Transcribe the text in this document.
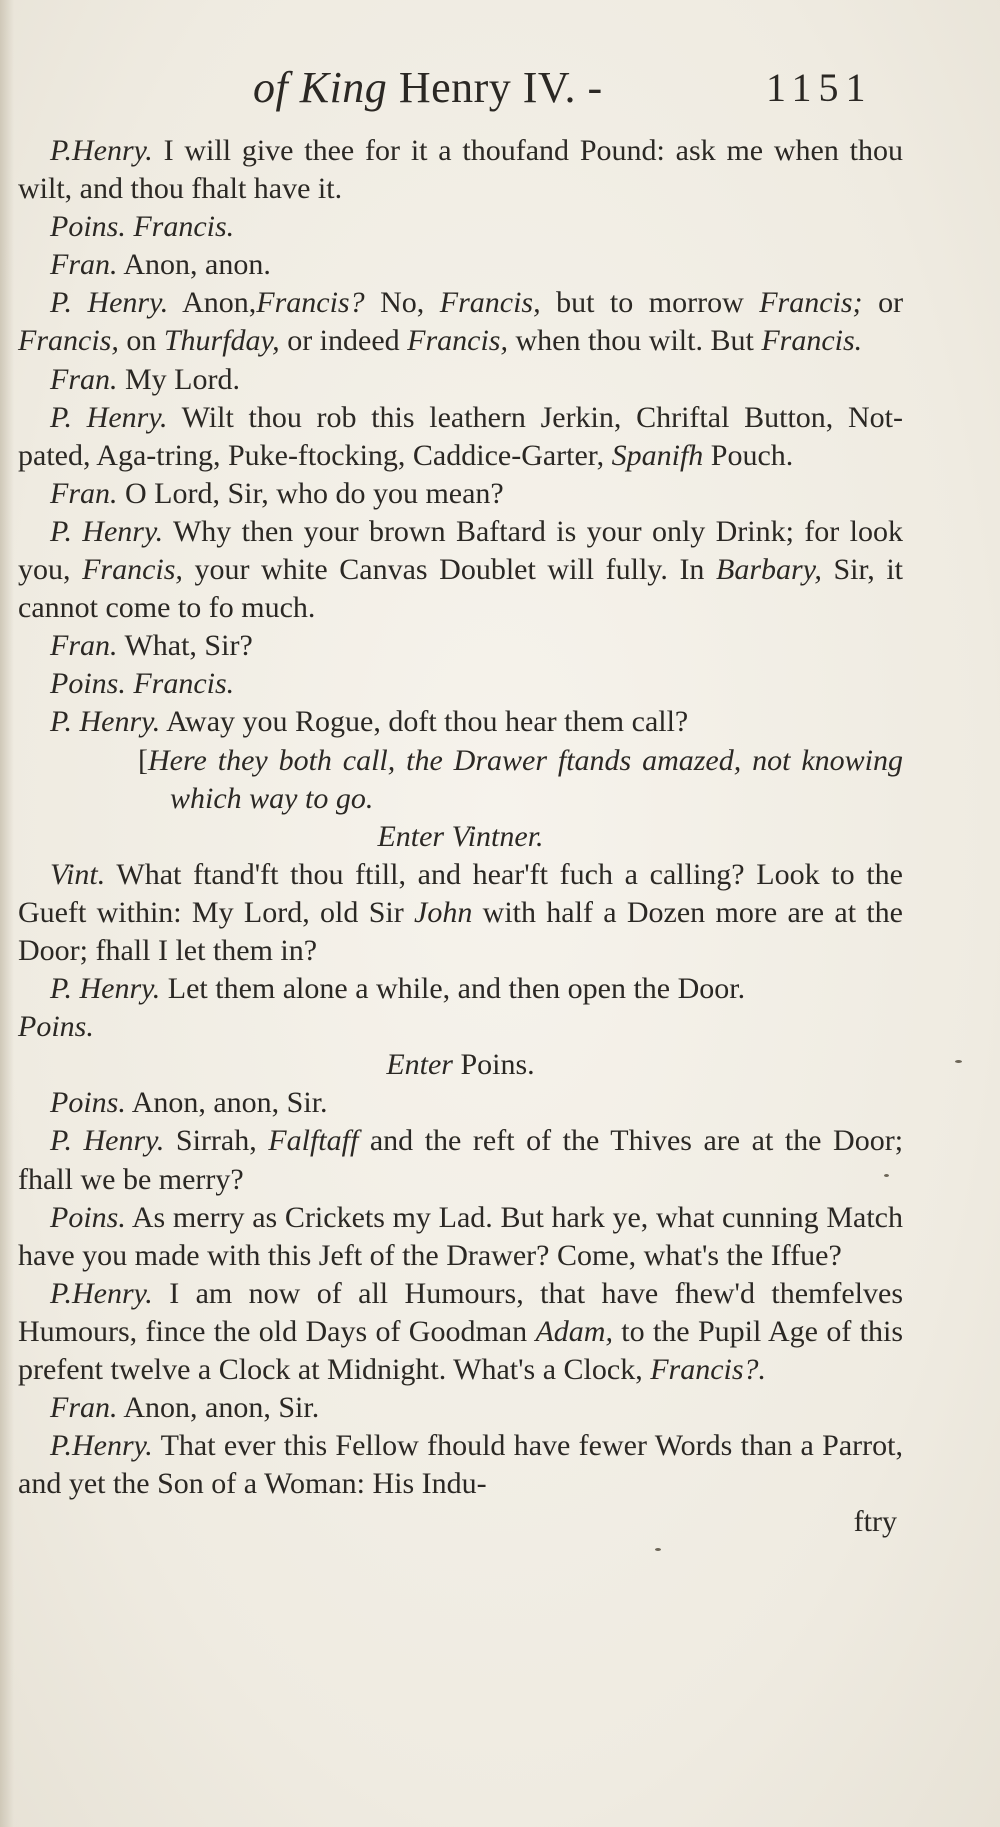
of King Henry IV. -	1151

P.Henry. I will give thee for it a thoufand Pound: ask me when thou wilt, and thou fhalt have it.

Poins. Francis.

Fran. Anon, anon.

P. Henry. Anon,Francis? No, Francis, but to morrow Francis; or Francis, on Thurfday, or indeed Francis, when thou wilt. But Francis.

Fran. My Lord.

P. Henry. Wilt thou rob this leathern Jerkin, Chriftal Button, Not-pated, Aga-tring, Puke-ftocking, Caddice-Garter, Spanifh Pouch.

Fran. O Lord, Sir, who do you mean?

P. Henry. Why then your brown Baftard is your only Drink; for look you, Francis, your white Canvas Doublet will fully. In Barbary, Sir, it cannot come to fo much.

Fran. What, Sir?

Poins. Francis.

P. Henry. Away you Rogue, doft thou hear them call?

[Here they both call, the Drawer ftands amazed, not knowing which way to go.

Enter Vintner.

Vint. What ftand'ft thou ftill, and hear'ft fuch a calling? Look to the Gueft within: My Lord, old Sir John with half a Dozen more are at the Door; fhall I let them in?

P. Henry. Let them alone a while, and then open the Door.

Poins.

Enter Poins.

Poins. Anon, anon, Sir.

P. Henry. Sirrah, Falftaff and the reft of the Thives are at the Door; fhall we be merry?

Poins. As merry as Crickets my Lad. But hark ye, what cunning Match have you made with this Jeft of the Drawer? Come, what's the Iffue?

P.Henry. I am now of all Humours, that have fhew'd themfelves Humours, fince the old Days of Goodman Adam, to the Pupil Age of this prefent twelve a Clock at Midnight. What's a Clock, Francis?.

Fran. Anon, anon, Sir.

P.Henry. That ever this Fellow fhould have fewer Words than a Parrot, and yet the Son of a Woman: His Indu-

ftry
